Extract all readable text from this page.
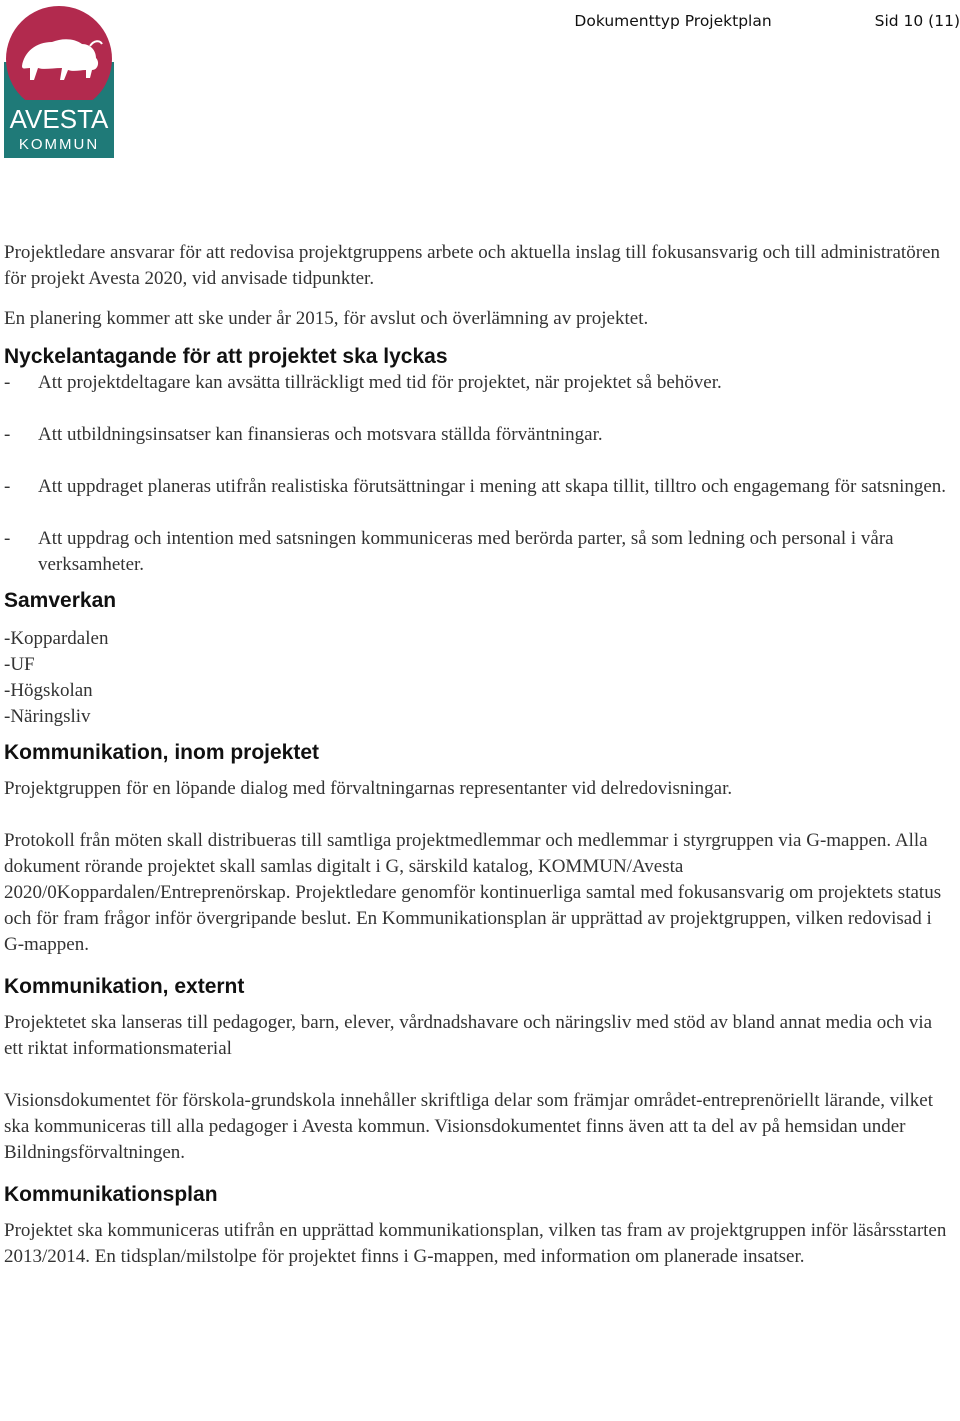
AVESTA
KOMMUN
Dokumenttyp Projektplan	Sid 10 (11)

Projektledare ansvarar för att redovisa projektgruppens arbete och aktuella inslag till fokusansvarig och till administratören för projekt Avesta 2020, vid anvisade tidpunkter.

En planering kommer att ske under år 2015, för avslut och överlämning av projektet.

Nyckelantagande för att projektet ska lyckas
- Att projektdeltagare kan avsätta tillräckligt med tid för projektet, när projektet så behöver.
- Att utbildningsinsatser kan finansieras och motsvara ställda förväntningar.
- Att uppdraget planeras utifrån realistiska förutsättningar i mening att skapa tillit, tilltro och engagemang för satsningen.
- Att uppdrag och intention med satsningen kommuniceras med berörda parter, så som ledning och personal i våra verksamheter.
Samverkan
-Koppardalen
-UF
-Högskolan
-Näringsliv
Kommunikation, inom projektet

Projektgruppen för en löpande dialog med förvaltningarnas representanter vid delredovisningar.

Protokoll från möten skall distribueras till samtliga projektmedlemmar och medlemmar i styrgruppen via G-mappen. Alla dokument rörande projektet skall samlas digitalt i G, särskild katalog, KOMMUN/Avesta 2020/0Koppardalen/Entreprenörskap. Projektledare genomför kontinuerliga samtal med fokusansvarig om projektets status och för fram frågor inför övergripande beslut. En Kommunikationsplan är upprättad av projektgruppen, vilken redovisad i G-mappen.

Kommunikation, externt

Projektetet ska lanseras till pedagoger, barn, elever, vårdnadshavare och näringsliv med stöd av bland annat media och via ett riktat informationsmaterial

Visionsdokumentet för förskola-grundskola innehåller skriftliga delar som främjar området-entreprenöriellt lärande, vilket ska kommuniceras till alla pedagoger i Avesta kommun. Visionsdokumentet finns även att ta del av på hemsidan under Bildningsförvaltningen.

Kommunikationsplan

Projektet ska kommuniceras utifrån en upprättad kommunikationsplan, vilken tas fram av projektgruppen inför läsårsstarten 2013/2014. En tidsplan/milstolpe för projektet finns i G-mappen, med information om planerade insatser.
